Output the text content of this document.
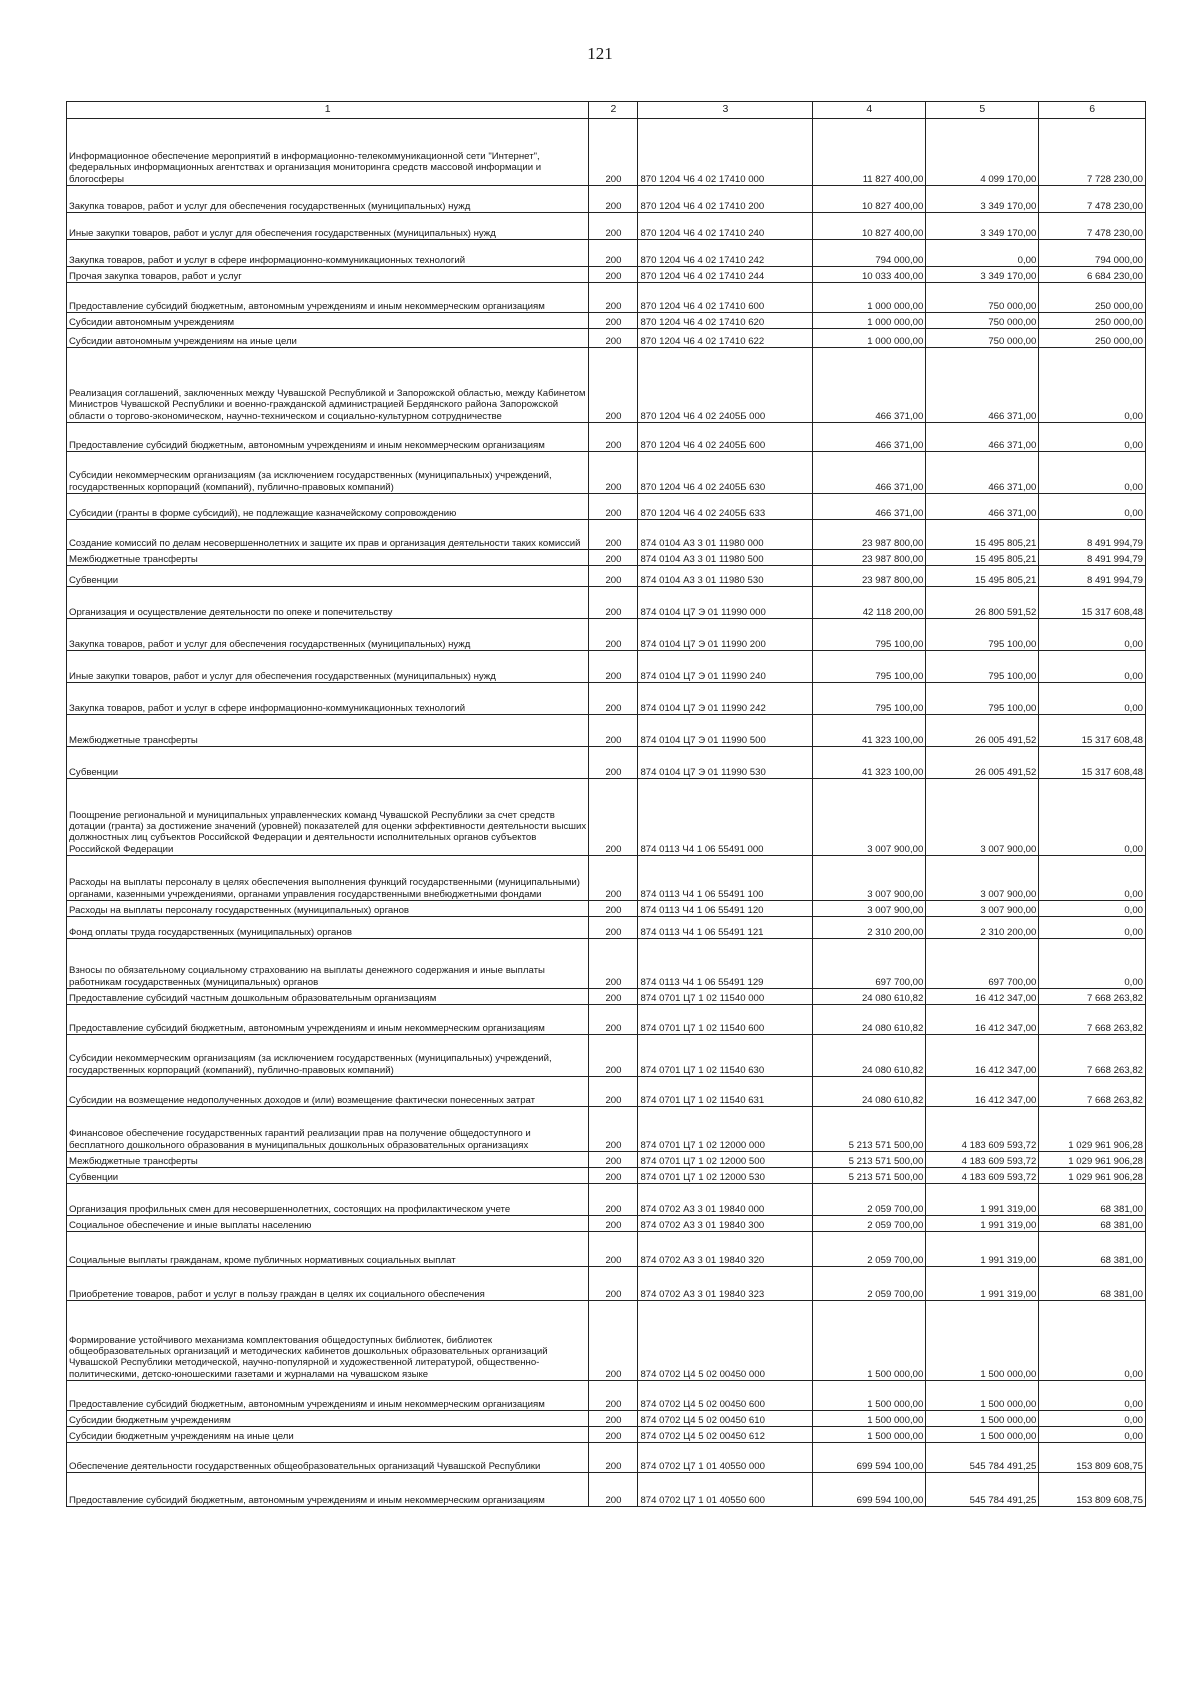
121
1	2	3	4	5	6
Информационное обеспечение мероприятий в информационно-телекоммуникационной сети "Интернет", федеральных информационных агентствах и организация мониторинга средств массовой информации и блогосферы	200	870 1204 Ч6 4 02 17410 000	11 827 400,00	4 099 170,00	7 728 230,00
Закупка товаров, работ и услуг для обеспечения государственных (муниципальных) нужд	200	870 1204 Ч6 4 02 17410 200	10 827 400,00	3 349 170,00	7 478 230,00
Иные закупки товаров, работ и услуг для обеспечения государственных (муниципальных) нужд	200	870 1204 Ч6 4 02 17410 240	10 827 400,00	3 349 170,00	7 478 230,00
Закупка товаров, работ и услуг в сфере информационно-коммуникационных технологий	200	870 1204 Ч6 4 02 17410 242	794 000,00	0,00	794 000,00
Прочая закупка товаров, работ и услуг	200	870 1204 Ч6 4 02 17410 244	10 033 400,00	3 349 170,00	6 684 230,00
Предоставление субсидий бюджетным, автономным учреждениям и иным некоммерческим организациям	200	870 1204 Ч6 4 02 17410 600	1 000 000,00	750 000,00	250 000,00
Субсидии автономным учреждениям	200	870 1204 Ч6 4 02 17410 620	1 000 000,00	750 000,00	250 000,00
Субсидии автономным учреждениям на иные цели	200	870 1204 Ч6 4 02 17410 622	1 000 000,00	750 000,00	250 000,00
Реализация соглашений, заключенных между Чувашской Республикой и Запорожской областью, между Кабинетом Министров Чувашской Республики и военно-гражданской администрацией Бердянского района Запорожской области о торгово-экономическом, научно-техническом и социально-культурном сотрудничестве	200	870 1204 Ч6 4 02 2405Б 000	466 371,00	466 371,00	0,00
Предоставление субсидий бюджетным, автономным учреждениям и иным некоммерческим организациям	200	870 1204 Ч6 4 02 2405Б 600	466 371,00	466 371,00	0,00
Субсидии некоммерческим организациям (за исключением государственных (муниципальных) учреждений, государственных корпораций (компаний), публично-правовых компаний)	200	870 1204 Ч6 4 02 2405Б 630	466 371,00	466 371,00	0,00
Субсидии (гранты в форме субсидий), не подлежащие казначейскому сопровождению	200	870 1204 Ч6 4 02 2405Б 633	466 371,00	466 371,00	0,00
Создание комиссий по делам несовершеннолетних и защите их прав и организация деятельности таких комиссий	200	874 0104 А3 3 01 11980 000	23 987 800,00	15 495 805,21	8 491 994,79
Межбюджетные трансферты	200	874 0104 А3 3 01 11980 500	23 987 800,00	15 495 805,21	8 491 994,79
Субвенции	200	874 0104 А3 3 01 11980 530	23 987 800,00	15 495 805,21	8 491 994,79
Организация и осуществление деятельности по опеке и попечительству	200	874 0104 Ц7 Э 01 11990 000	42 118 200,00	26 800 591,52	15 317 608,48
Закупка товаров, работ и услуг для обеспечения государственных (муниципальных) нужд	200	874 0104 Ц7 Э 01 11990 200	795 100,00	795 100,00	0,00
Иные закупки товаров, работ и услуг для обеспечения государственных (муниципальных) нужд	200	874 0104 Ц7 Э 01 11990 240	795 100,00	795 100,00	0,00
Закупка товаров, работ и услуг в сфере информационно-коммуникационных технологий	200	874 0104 Ц7 Э 01 11990 242	795 100,00	795 100,00	0,00
Межбюджетные трансферты	200	874 0104 Ц7 Э 01 11990 500	41 323 100,00	26 005 491,52	15 317 608,48
Субвенции	200	874 0104 Ц7 Э 01 11990 530	41 323 100,00	26 005 491,52	15 317 608,48
Поощрение региональной и муниципальных управленческих команд Чувашской Республики за счет средств дотации (гранта) за достижение значений (уровней) показателей для оценки эффективности деятельности высших должностных лиц субъектов Российской Федерации и деятельности исполнительных органов субъектов Российской Федерации	200	874 0113 Ч4 1 06 55491 000	3 007 900,00	3 007 900,00	0,00
Расходы на выплаты персоналу в целях обеспечения выполнения функций государственными (муниципальными) органами, казенными учреждениями, органами управления государственными внебюджетными фондами	200	874 0113 Ч4 1 06 55491 100	3 007 900,00	3 007 900,00	0,00
Расходы на выплаты персоналу государственных (муниципальных) органов	200	874 0113 Ч4 1 06 55491 120	3 007 900,00	3 007 900,00	0,00
Фонд оплаты труда государственных (муниципальных) органов	200	874 0113 Ч4 1 06 55491 121	2 310 200,00	2 310 200,00	0,00
Взносы по обязательному социальному страхованию на выплаты денежного содержания и иные выплаты работникам государственных (муниципальных) органов	200	874 0113 Ч4 1 06 55491 129	697 700,00	697 700,00	0,00
Предоставление субсидий частным дошкольным образовательным организациям	200	874 0701 Ц7 1 02 11540 000	24 080 610,82	16 412 347,00	7 668 263,82
Предоставление субсидий бюджетным, автономным учреждениям и иным некоммерческим организациям	200	874 0701 Ц7 1 02 11540 600	24 080 610,82	16 412 347,00	7 668 263,82
Субсидии некоммерческим организациям (за исключением государственных (муниципальных) учреждений, государственных корпораций (компаний), публично-правовых компаний)	200	874 0701 Ц7 1 02 11540 630	24 080 610,82	16 412 347,00	7 668 263,82
Субсидии на возмещение недополученных доходов и (или) возмещение фактически понесенных затрат	200	874 0701 Ц7 1 02 11540 631	24 080 610,82	16 412 347,00	7 668 263,82
Финансовое обеспечение государственных гарантий реализации прав на получение общедоступного и бесплатного дошкольного образования в муниципальных дошкольных образовательных организациях	200	874 0701 Ц7 1 02 12000 000	5 213 571 500,00	4 183 609 593,72	1 029 961 906,28
Межбюджетные трансферты	200	874 0701 Ц7 1 02 12000 500	5 213 571 500,00	4 183 609 593,72	1 029 961 906,28
Субвенции	200	874 0701 Ц7 1 02 12000 530	5 213 571 500,00	4 183 609 593,72	1 029 961 906,28
Организация профильных смен для несовершеннолетних, состоящих на профилактическом учете	200	874 0702 А3 3 01 19840 000	2 059 700,00	1 991 319,00	68 381,00
Социальное обеспечение и иные выплаты населению	200	874 0702 А3 3 01 19840 300	2 059 700,00	1 991 319,00	68 381,00
Социальные выплаты гражданам, кроме публичных нормативных социальных выплат	200	874 0702 А3 3 01 19840 320	2 059 700,00	1 991 319,00	68 381,00
Приобретение товаров, работ и услуг в пользу граждан в целях их социального обеспечения	200	874 0702 А3 3 01 19840 323	2 059 700,00	1 991 319,00	68 381,00
Формирование устойчивого механизма комплектования общедоступных библиотек, библиотек общеобразовательных организаций и методических кабинетов дошкольных образовательных организаций Чувашской Республики методической, научно-популярной и художественной литературой, общественно-политическими, детско-юношескими газетами и журналами на чувашском языке	200	874 0702 Ц4 5 02 00450 000	1 500 000,00	1 500 000,00	0,00
Предоставление субсидий бюджетным, автономным учреждениям и иным некоммерческим организациям	200	874 0702 Ц4 5 02 00450 600	1 500 000,00	1 500 000,00	0,00
Субсидии бюджетным учреждениям	200	874 0702 Ц4 5 02 00450 610	1 500 000,00	1 500 000,00	0,00
Субсидии бюджетным учреждениям на иные цели	200	874 0702 Ц4 5 02 00450 612	1 500 000,00	1 500 000,00	0,00
Обеспечение деятельности государственных общеобразовательных организаций Чувашской Республики	200	874 0702 Ц7 1 01 40550 000	699 594 100,00	545 784 491,25	153 809 608,75
Предоставление субсидий бюджетным, автономным учреждениям и иным некоммерческим организациям	200	874 0702 Ц7 1 01 40550 600	699 594 100,00	545 784 491,25	153 809 608,75
